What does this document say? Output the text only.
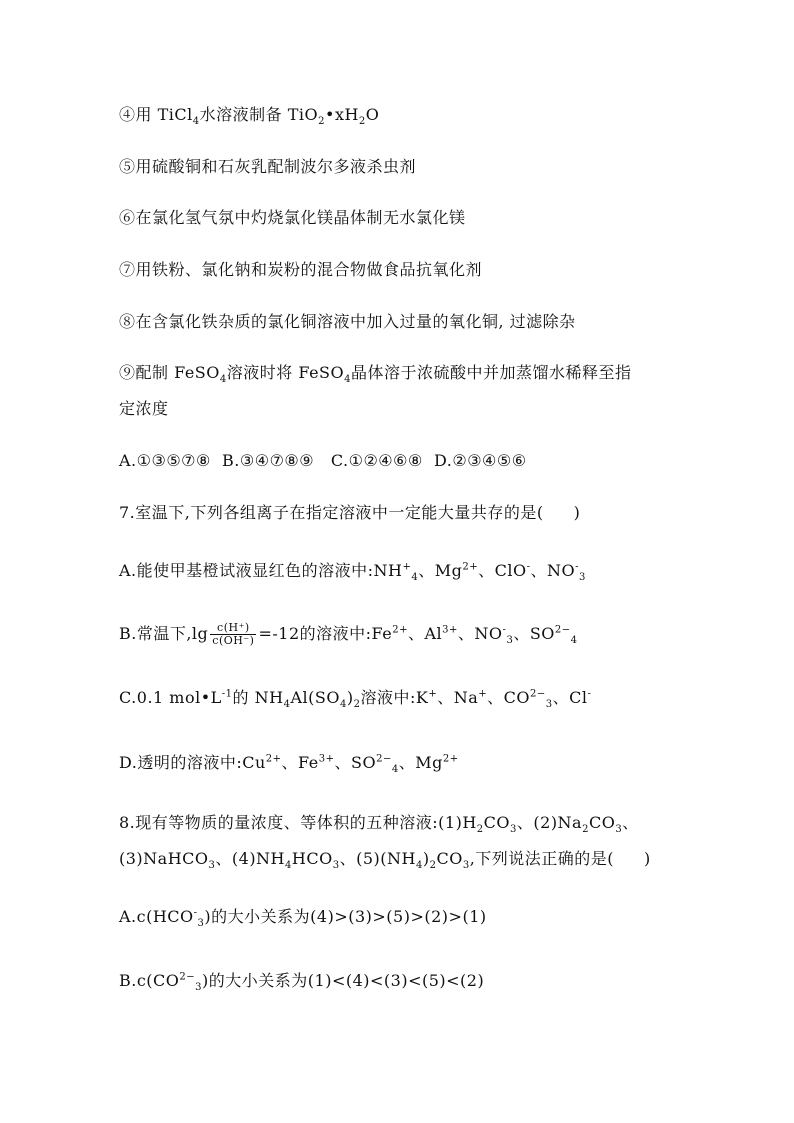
④用 TiCl$_4$水溶液制备 $TiO_2•xH_2O$
⑤用硫酸铜和石灰乳配制波尔多液杀虫剂
⑥在氯化氢气氛中灼烧氯化镁晶体制无水氯化镁
⑦用铁粉、氯化钠和炭粉的混合物做食品抗氧化剂
⑧在含氯化铁杂质的氯化铜溶液中加入过量的氧化铜, 过滤除杂
⑨配制 FeSO$_4$溶液时将 FeSO$_4$晶体溶于浓硫酸中并加蒸馏水稀释至指
定浓度
A.①③⑤⑦⑧  B.③④⑦⑧⑨   C.①②④⑥⑧  D.②③④⑤⑥
7.室温下,下列各组离子在指定溶液中一定能大量共存的是( )
A.能使甲基橙试液显红色的溶液中$:NH^+_4$、$Mg^{2+}$、ClO-、$NO^-_3$
B.常温下$,\lg \frac{c(H^+)}{c(OH^-)} =-12$的溶液中$:Fe^{2+}$、$Al^{3+}$、$NO^-_3$、$SO^{2-}_4$
C.0.1 $mol•L^{-1}$的 $NH_4Al(SO_4)_2$溶液中:K+、Na+、$CO^{2-}_3$、Cl-
D.透明的溶液中$:Cu^{2+}$、$Fe^{3+}$、$SO^{2-}_4$、$Mg^{2+}$
8.现有等物质的量浓度、等体积的五种溶液$:(1)H_2CO_3$、$(2)Na_2CO_3$、
(3)NaHCO$_3$、$(4)NH_4HCO_3$、$(5)(NH_4)_2CO_3$,下列说法正确的是( )
$A.c(HCO^-_3)$的大小关系为(4)>(3)>(5)>(2)>(1)
$B.c(CO^{2-}_3)$的大小关系为(1)<(4)<(3)<(5)<(2)
